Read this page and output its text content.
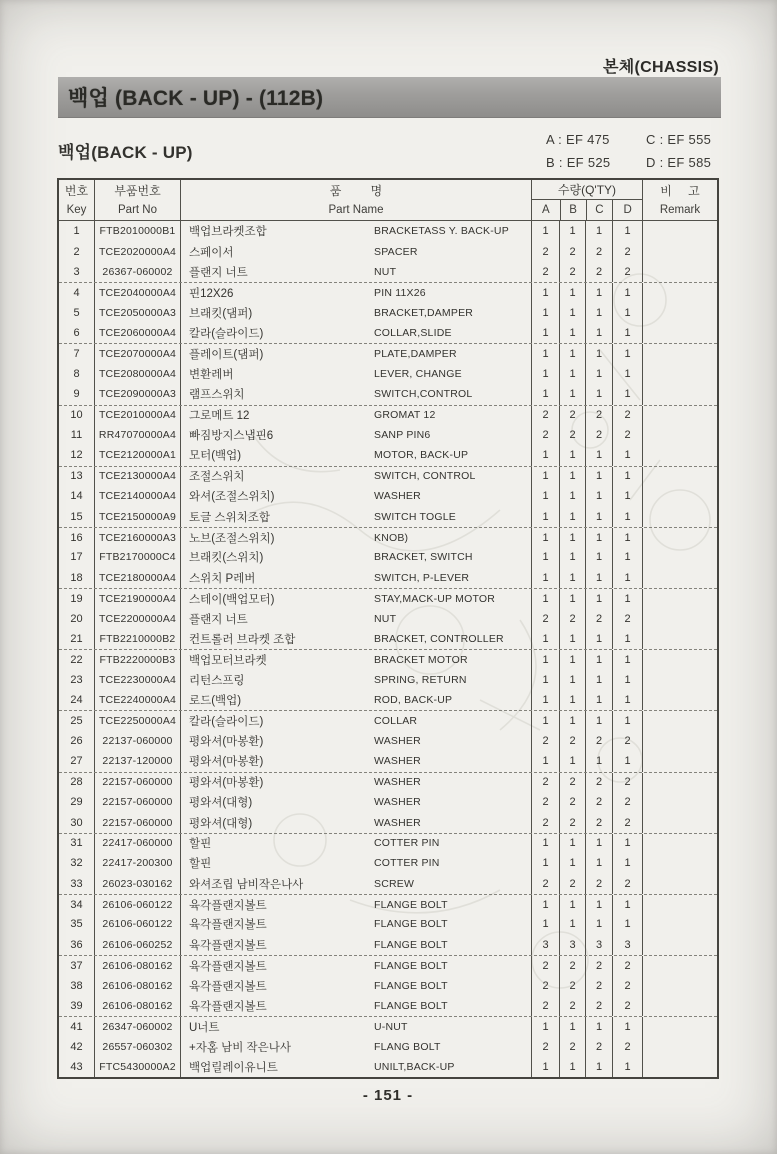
본체(CHASSIS)
백업 (BACK - UP) - (112B)
백업(BACK - UP)
A : EF 475
B : EF 525
C : EF 555
D : EF 585
번호
Key
부품번호
Part No
품 명
Part Name
수량(Q'TY)
A	B	C	D
비 고
Remark
1	FTB2010000B1	백업브라켓조합	BRACKETASS Y. BACK-UP	1	1	1	1
2	TCE2020000A4	스페이서	SPACER	2	2	2	2
3	26367-060002	플랜지 너트	NUT	2	2	2	2
4	TCE2040000A4	핀12X26	PIN 11X26	1	1	1	1
5	TCE2050000A3	브래킷(댐퍼)	BRACKET,DAMPER	1	1	1	1
6	TCE2060000A4	칼라(슬라이드)	COLLAR,SLIDE	1	1	1	1
7	TCE2070000A4	플레이트(댐퍼)	PLATE,DAMPER	1	1	1	1
8	TCE2080000A4	변환레버	LEVER, CHANGE	1	1	1	1
9	TCE2090000A3	램프스위치	SWITCH,CONTROL	1	1	1	1
10	TCE2010000A4	그로메트 12	GROMAT 12	2	2	2	2
11	RR47070000A4	빠짐방지스냅핀6	SANP PIN6	2	2	2	2
12	TCE2120000A1	모터(백업)	MOTOR, BACK-UP	1	1	1	1
13	TCE2130000A4	조절스위치	SWITCH, CONTROL	1	1	1	1
14	TCE2140000A4	와셔(조절스위치)	WASHER	1	1	1	1
15	TCE2150000A9	토글 스위치조합	SWITCH TOGLE	1	1	1	1
16	TCE2160000A3	노브(조절스위치)	KNOB)	1	1	1	1
17	FTB2170000C4	브래킷(스위치)	BRACKET, SWITCH	1	1	1	1
18	TCE2180000A4	스위치 P레버	SWITCH, P-LEVER	1	1	1	1
19	TCE2190000A4	스테이(백업모터)	STAY,MACK-UP MOTOR	1	1	1	1
20	TCE2200000A4	플랜지 너트	NUT	2	2	2	2
21	FTB2210000B2	컨트롤러 브라켓 조합	BRACKET, CONTROLLER	1	1	1	1
22	FTB2220000B3	백업모터브라켓	BRACKET MOTOR	1	1	1	1
23	TCE2230000A4	리턴스프링	SPRING, RETURN	1	1	1	1
24	TCE2240000A4	로드(백업)	ROD, BACK-UP	1	1	1	1
25	TCE2250000A4	칼라(슬라이드)	COLLAR	1	1	1	1
26	22137-060000	평와셔(마봉환)	WASHER	2	2	2	2
27	22137-120000	평와셔(마봉환)	WASHER	1	1	1	1
28	22157-060000	평와셔(마봉환)	WASHER	2	2	2	2
29	22157-060000	평와셔(대형)	WASHER	2	2	2	2
30	22157-060000	평와셔(대형)	WASHER	2	2	2	2
31	22417-060000	할핀	COTTER PIN	1	1	1	1
32	22417-200300	할핀	COTTER PIN	1	1	1	1
33	26023-030162	와셔조립 남비작은나사	SCREW	2	2	2	2
34	26106-060122	육각플랜지볼트	FLANGE BOLT	1	1	1	1
35	26106-060122	육각플랜지볼트	FLANGE BOLT	1	1	1	1
36	26106-060252	육각플랜지볼트	FLANGE BOLT	3	3	3	3
37	26106-080162	육각플랜지볼트	FLANGE BOLT	2	2	2	2
38	26106-080162	육각플랜지볼트	FLANGE BOLT	2	2	2	2
39	26106-080162	육각플랜지볼트	FLANGE BOLT	2	2	2	2
41	26347-060002	U너트	U-NUT	1	1	1	1
42	26557-060302	+자홈 남비 작은나사	FLANG BOLT	2	2	2	2
43	FTC5430000A2	백업릴레이유니트	UNILT,BACK-UP	1	1	1	1
- 151 -
